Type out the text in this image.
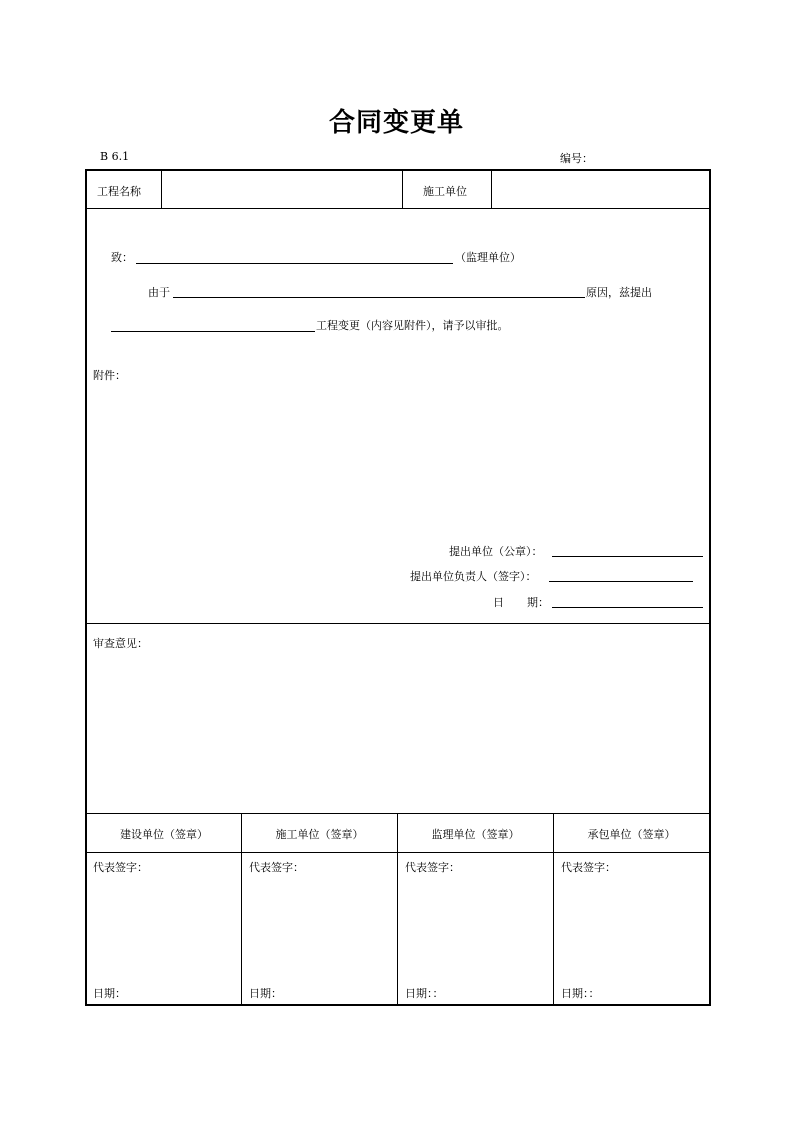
合同变更单
B 6.1	编号：
工程名称	施工单位
致：	（监理单位）
由于	原因，兹提出
工程变更（内容见附件），请予以审批。
附件：
提出单位（公章）：
提出单位负责人（签字）：
日 期：
审查意见：
建设单位（签章）	施工单位（签章）	监理单位（签章）	承包单位（签章）
代表签字：	代表签字：	代表签字：	代表签字：
日期：	日期：	日期：：	日期：：
